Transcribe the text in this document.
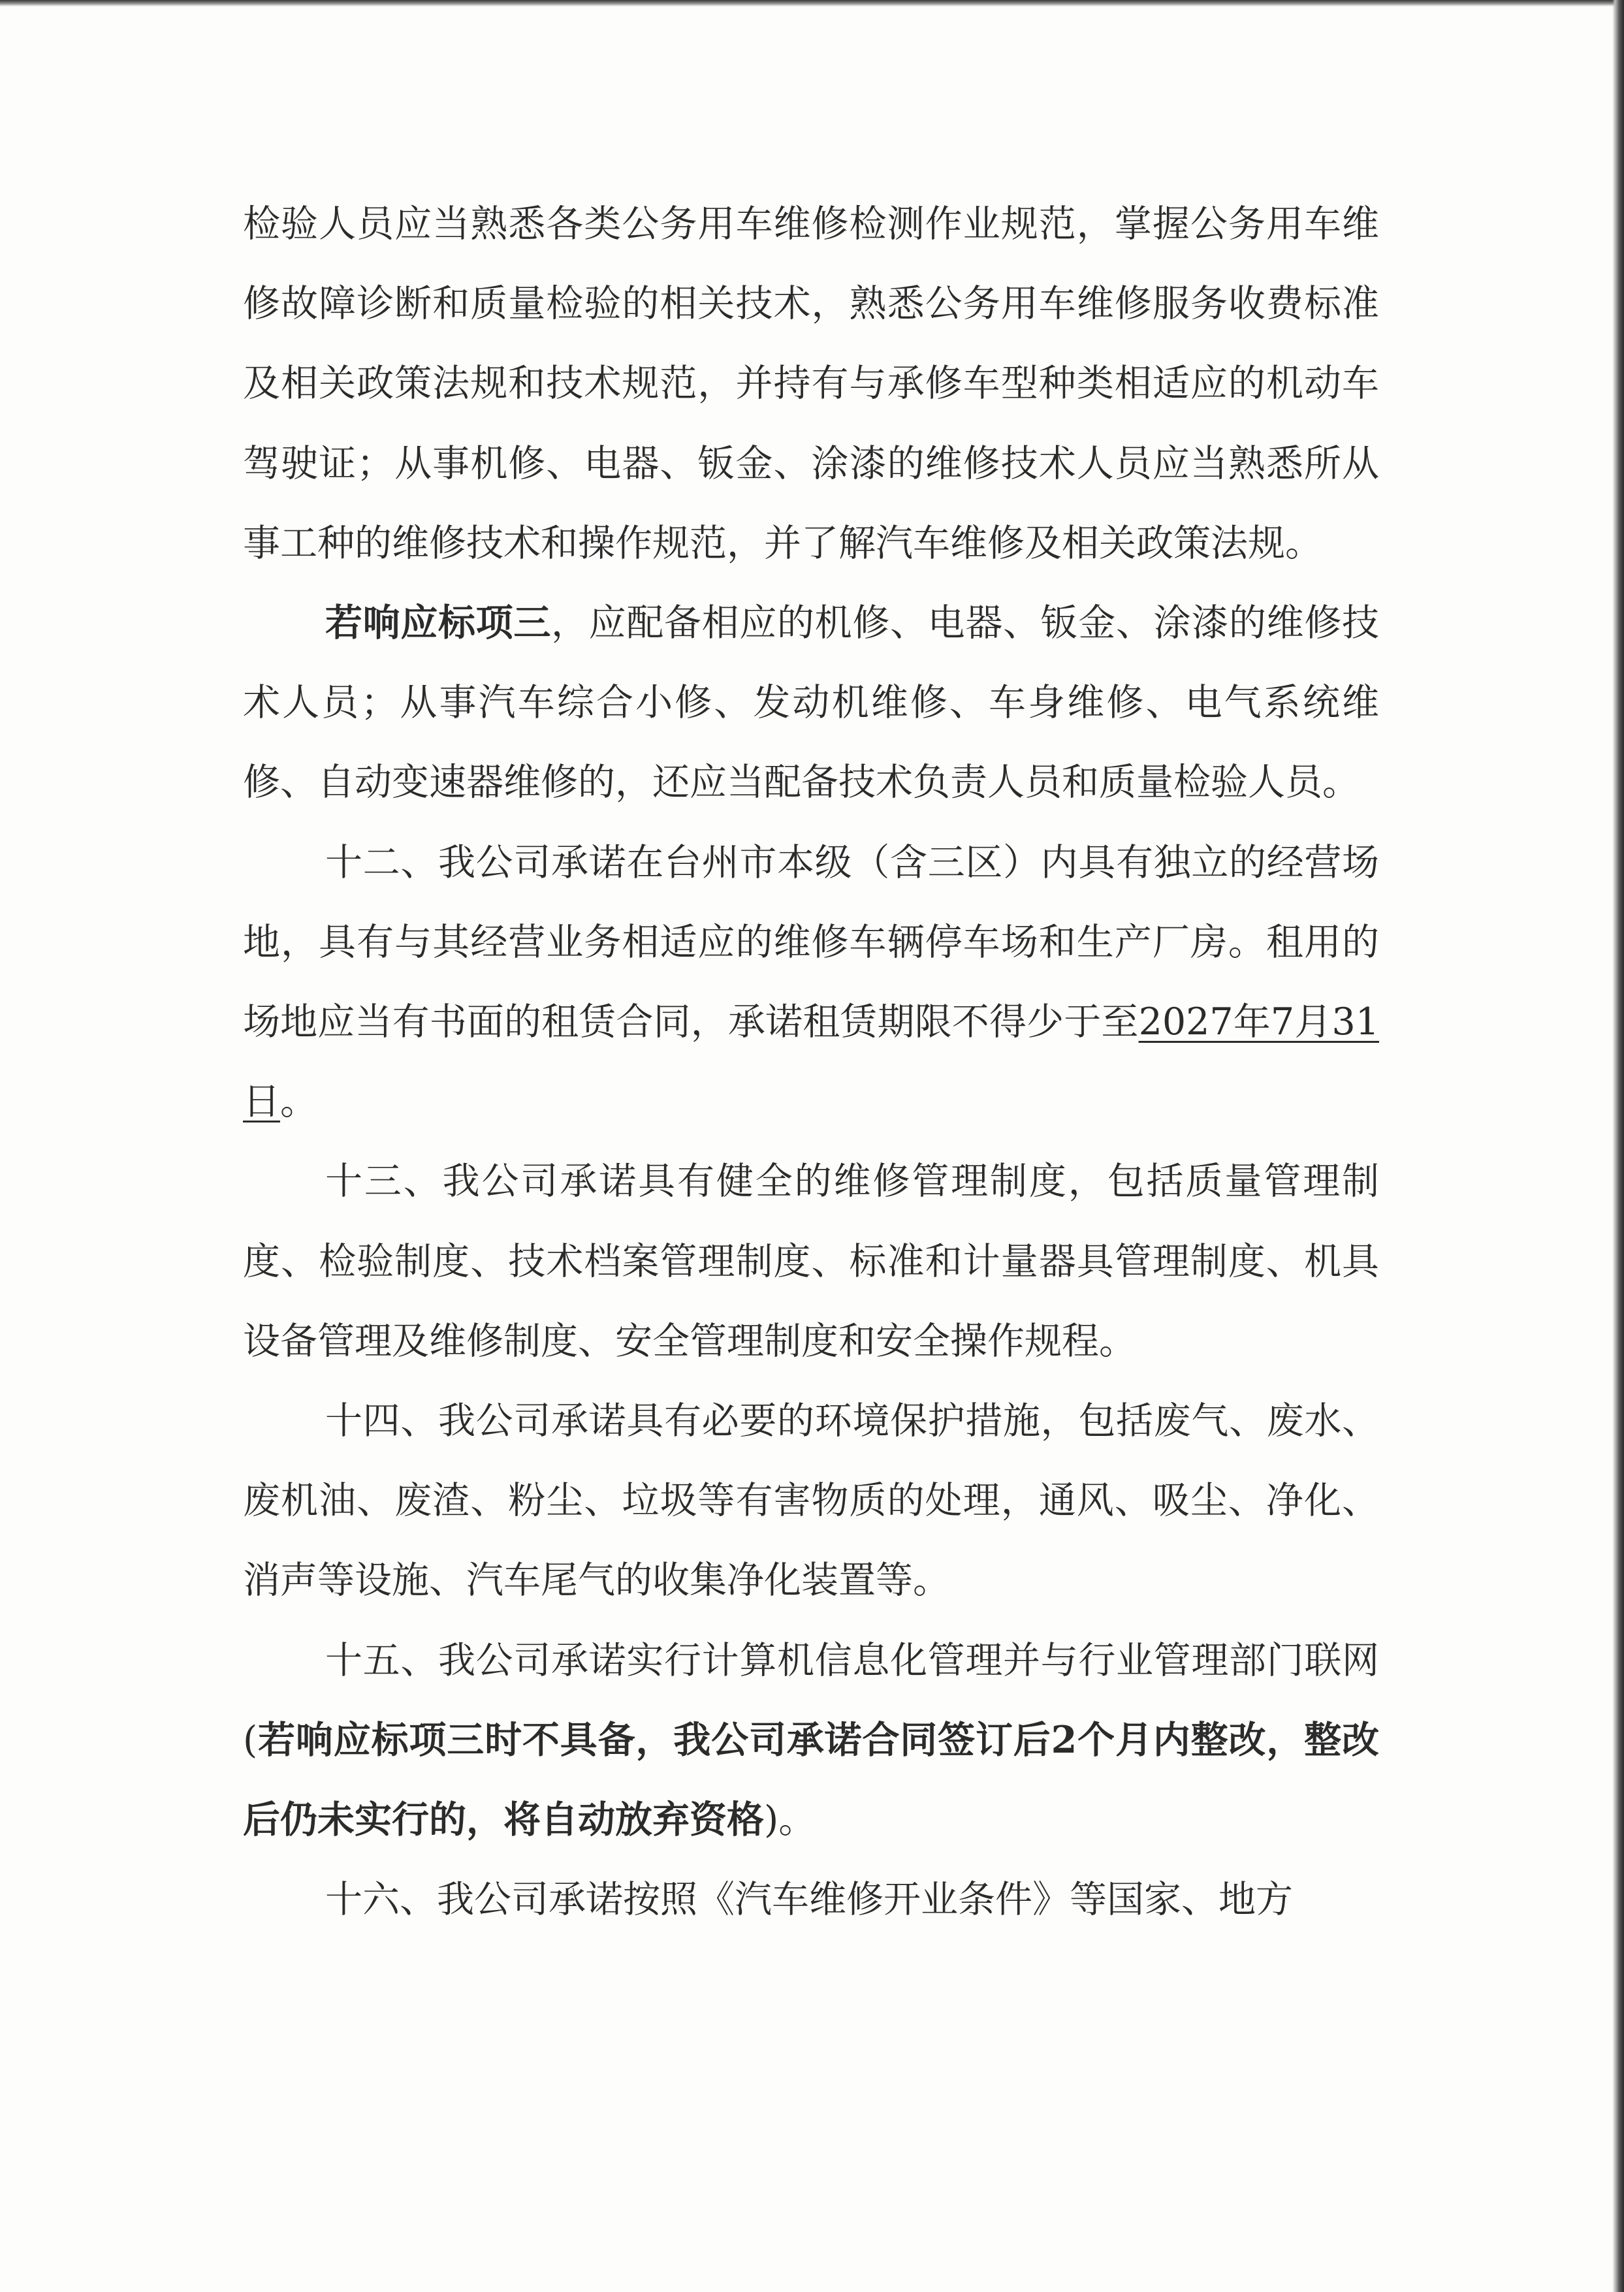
检验人员应当熟悉各类公务用车维修检测作业规范，掌握公务用车维修故障诊断和质量检验的相关技术，熟悉公务用车维修服务收费标准及相关政策法规和技术规范，并持有与承修车型种类相适应的机动车驾驶证；从事机修、电器、钣金、涂漆的维修技术人员应当熟悉所从事工种的维修技术和操作规范，并了解汽车维修及相关政策法规。

若响应标项三，应配备相应的机修、电器、钣金、涂漆的维修技术人员；从事汽车综合小修、发动机维修、车身维修、电气系统维修、自动变速器维修的，还应当配备技术负责人员和质量检验人员。

十二、我公司承诺在台州市本级（含三区）内具有独立的经营场地，具有与其经营业务相适应的维修车辆停车场和生产厂房。租用的场地应当有书面的租赁合同，承诺租赁期限不得少于至2027年7月31日。

十三、我公司承诺具有健全的维修管理制度，包括质量管理制度、检验制度、技术档案管理制度、标准和计量器具管理制度、机具设备管理及维修制度、安全管理制度和安全操作规程。

十四、我公司承诺具有必要的环境保护措施，包括废气、废水、废机油、废渣、粉尘、垃圾等有害物质的处理，通风、吸尘、净化、消声等设施、汽车尾气的收集净化装置等。

十五、我公司承诺实行计算机信息化管理并与行业管理部门联网(若响应标项三时不具备，我公司承诺合同签订后2个月内整改，整改后仍未实行的，将自动放弃资格)。

十六、我公司承诺按照《汽车维修开业条件》等国家、地方
